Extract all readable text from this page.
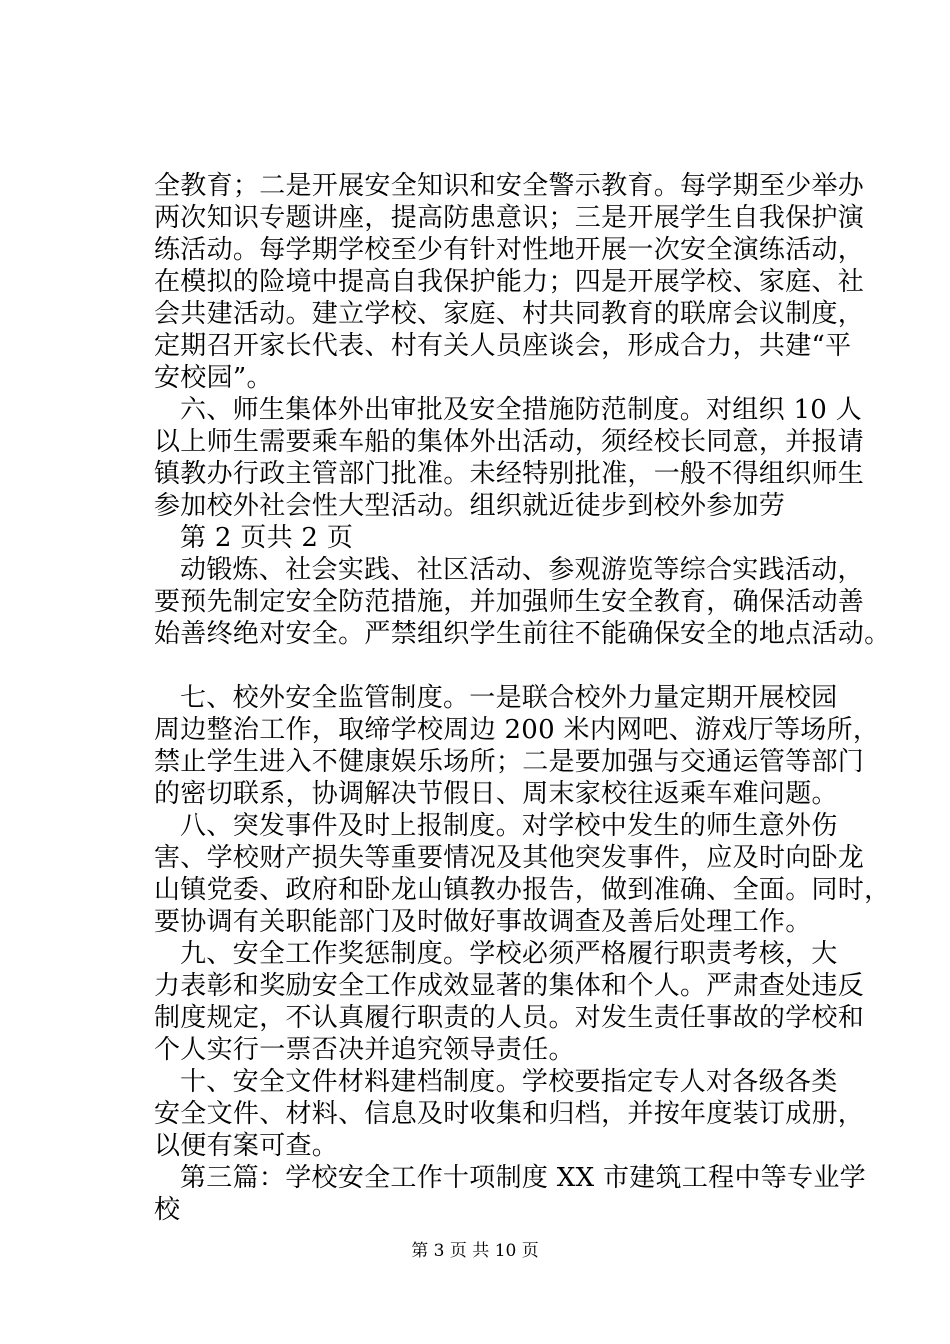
全教育；二是开展安全知识和安全警示教育。每学期至少举办
两次知识专题讲座，提高防患意识；三是开展学生自我保护演
练活动。每学期学校至少有针对性地开展一次安全演练活动，
在模拟的险境中提高自我保护能力；四是开展学校、家庭、社
会共建活动。建立学校、家庭、村共同教育的联席会议制度，
定期召开家长代表、村有关人员座谈会，形成合力，共建“平
安校园”。
六、师生集体外出审批及安全措施防范制度。对组织 10 人
以上师生需要乘车船的集体外出活动，须经校长同意，并报请
镇教办行政主管部门批准。未经特别批准，一般不得组织师生
参加校外社会性大型活动。组织就近徒步到校外参加劳
第 2 页共 2 页
动锻炼、社会实践、社区活动、参观游览等综合实践活动，
要预先制定安全防范措施，并加强师生安全教育，确保活动善
始善终绝对安全。严禁组织学生前往不能确保安全的地点活动。
七、校外安全监管制度。一是联合校外力量定期开展校园
周边整治工作，取缔学校周边 200 米内网吧、游戏厅等场所，
禁止学生进入不健康娱乐场所；二是要加强与交通运管等部门
的密切联系，协调解决节假日、周末家校往返乘车难问题。
八、突发事件及时上报制度。对学校中发生的师生意外伤
害、学校财产损失等重要情况及其他突发事件，应及时向卧龙
山镇党委、政府和卧龙山镇教办报告，做到准确、全面。同时，
要协调有关职能部门及时做好事故调查及善后处理工作。
九、安全工作奖惩制度。学校必须严格履行职责考核，大
力表彰和奖励安全工作成效显著的集体和个人。严肃查处违反
制度规定，不认真履行职责的人员。对发生责任事故的学校和
个人实行一票否决并追究领导责任。
十、安全文件材料建档制度。学校要指定专人对各级各类
安全文件、材料、信息及时收集和归档，并按年度装订成册，
以便有案可查。
第三篇：学校安全工作十项制度 XX 市建筑工程中等专业学
校
第 3 页 共 10 页
